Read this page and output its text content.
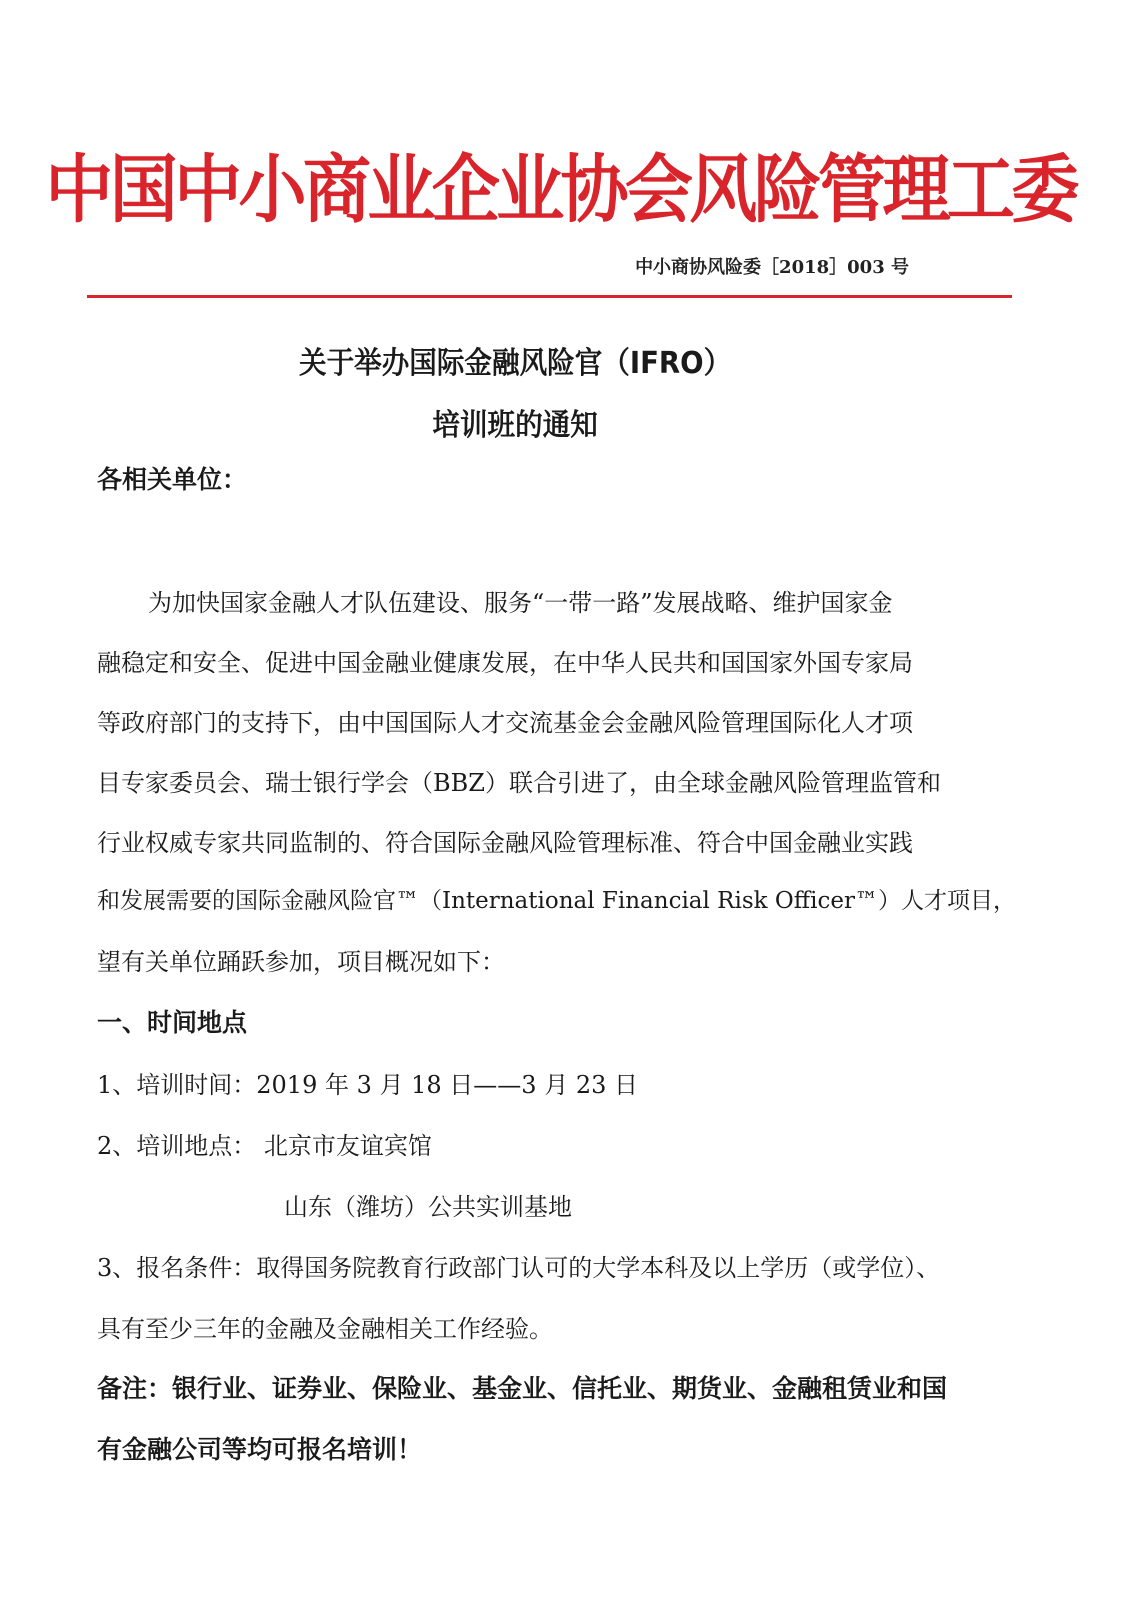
中国中小商业企业协会风险管理工委
中小商协风险委［2018］003 号
关于举办国际金融风险官（IFRO）
培训班的通知
各相关单位：
为加快国家金融人才队伍建设、服务“一带一路”发展战略、维护国家金
融稳定和安全、促进中国金融业健康发展，在中华人民共和国国家外国专家局
等政府部门的支持下，由中国国际人才交流基金会金融风险管理国际化人才项
目专家委员会、瑞士银行学会（BBZ）联合引进了，由全球金融风险管理监管和
行业权威专家共同监制的、符合国际金融风险管理标准、符合中国金融业实践
和发展需要的国际金融风险官™（International Financial Risk Officer™）人才项目，
望有关单位踊跃参加，项目概况如下：
一、时间地点
1、培训时间：2019 年 3 月 18 日——3 月 23 日
2、培训地点： 北京市友谊宾馆
山东（潍坊）公共实训基地
3、报名条件：取得国务院教育行政部门认可的大学本科及以上学历（或学位）、
具有至少三年的金融及金融相关工作经验。
备注：银行业、证券业、保险业、基金业、信托业、期货业、金融租赁业和国
有金融公司等均可报名培训！
